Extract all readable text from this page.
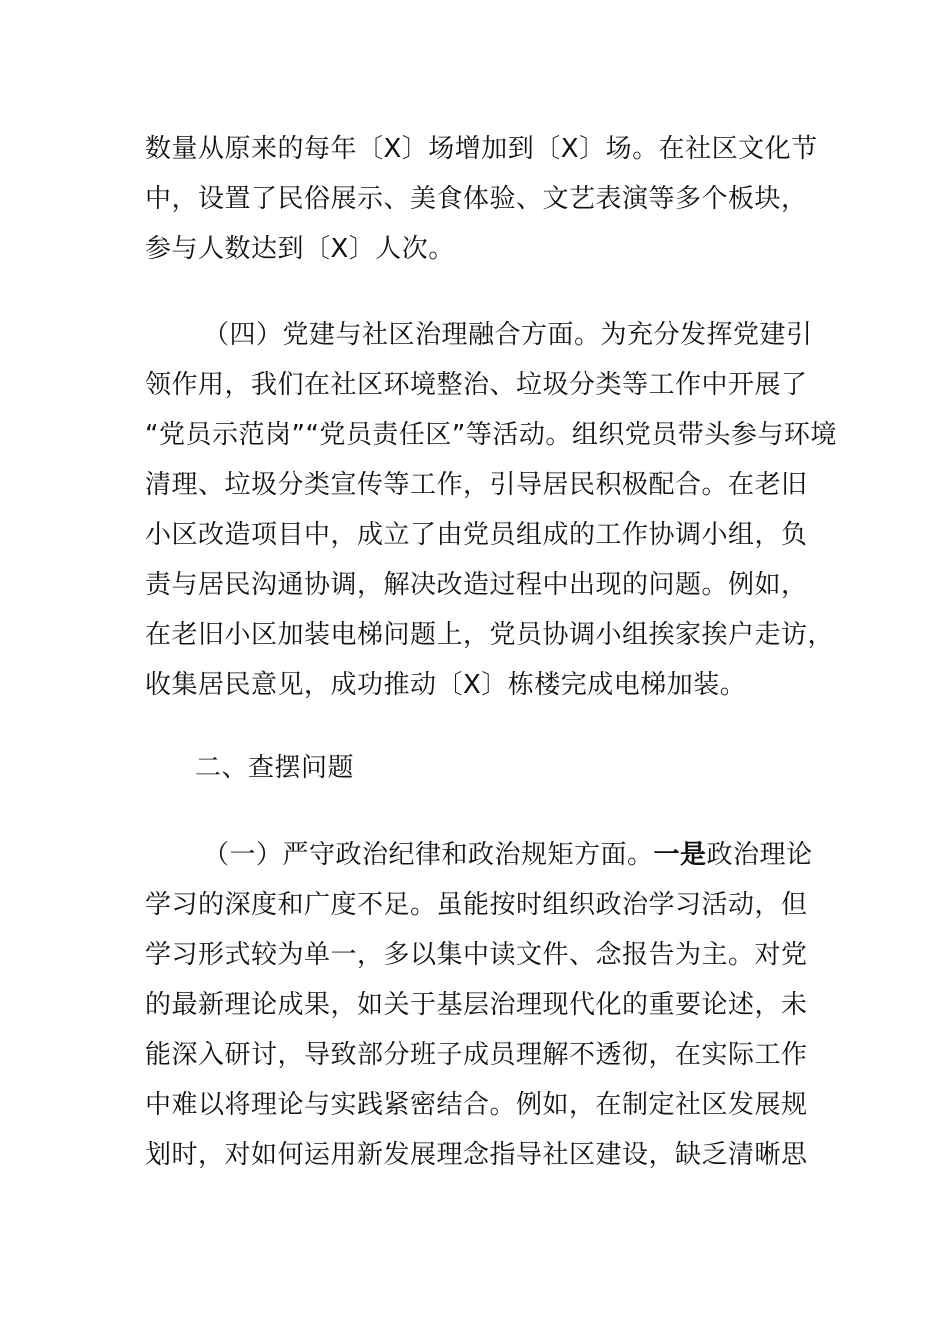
数量从原来的每年〔X〕场增加到〔X〕场。在社区文化节
中，设置了民俗展示、美食体验、文艺表演等多个板块，
参与人数达到〔X〕人次。
（四）党建与社区治理融合方面。为充分发挥党建引
领作用，我们在社区环境整治、垃圾分类等工作中开展了
“党员示范岗”“党员责任区”等活动。组织党员带头参与环境
清理、垃圾分类宣传等工作，引导居民积极配合。在老旧
小区改造项目中，成立了由党员组成的工作协调小组，负
责与居民沟通协调，解决改造过程中出现的问题。例如，
在老旧小区加装电梯问题上，党员协调小组挨家挨户走访，
收集居民意见，成功推动〔X〕栋楼完成电梯加装。
二、查摆问题
（一）严守政治纪律和政治规矩方面。一是政治理论
学习的深度和广度不足。虽能按时组织政治学习活动，但
学习形式较为单一，多以集中读文件、念报告为主。对党
的最新理论成果，如关于基层治理现代化的重要论述，未
能深入研讨，导致部分班子成员理解不透彻，在实际工作
中难以将理论与实践紧密结合。例如，在制定社区发展规
划时，对如何运用新发展理念指导社区建设，缺乏清晰思
